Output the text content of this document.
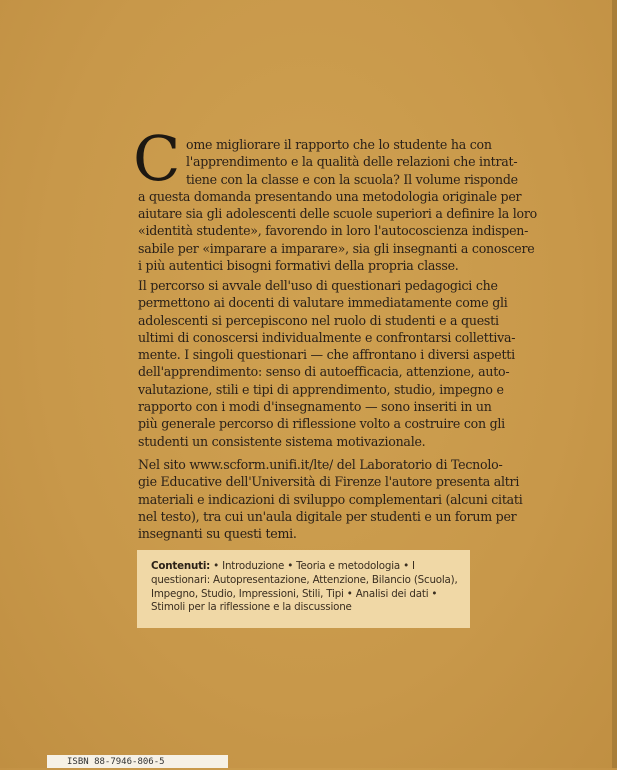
C ome migliorare il rapporto che lo studente ha con
l'apprendimento e la qualità delle relazioni che intrat-
tiene con la classe e con la scuola? Il volume risponde
a questa domanda presentando una metodologia originale per
aiutare sia gli adolescenti delle scuole superiori a definire la loro
«identità studente», favorendo in loro l'autocoscienza indispen-
sabile per «imparare a imparare», sia gli insegnanti a conoscere
i più autentici bisogni formativi della propria classe.
Il percorso si avvale dell'uso di questionari pedagogici che
permettono ai docenti di valutare immediatamente come gli
adolescenti si percepiscono nel ruolo di studenti e a questi
ultimi di conoscersi individualmente e confrontarsi collettiva-
mente. I singoli questionari — che affrontano i diversi aspetti
dell'apprendimento: senso di autoefficacia, attenzione, auto-
valutazione, stili e tipi di apprendimento, studio, impegno e
rapporto con i modi d'insegnamento — sono inseriti in un
più generale percorso di riflessione volto a costruire con gli
studenti un consistente sistema motivazionale.
Nel sito www.scform.unifi.it/lte/ del Laboratorio di Tecnolo-
gie Educative dell'Università di Firenze l'autore presenta altri
materiali e indicazioni di sviluppo complementari (alcuni citati
nel testo), tra cui un'aula digitale per studenti e un forum per
insegnanti su questi temi.
Contenuti: • Introduzione • Teoria e metodologia • I questionari: Autopresentazione, Attenzione, Bilancio (Scuola), Impegno, Studio, Impressioni, Stili, Tipi • Analisi dei dati • Stimoli per la riflessione e la discussione
ISBN 88-7946-806-5
